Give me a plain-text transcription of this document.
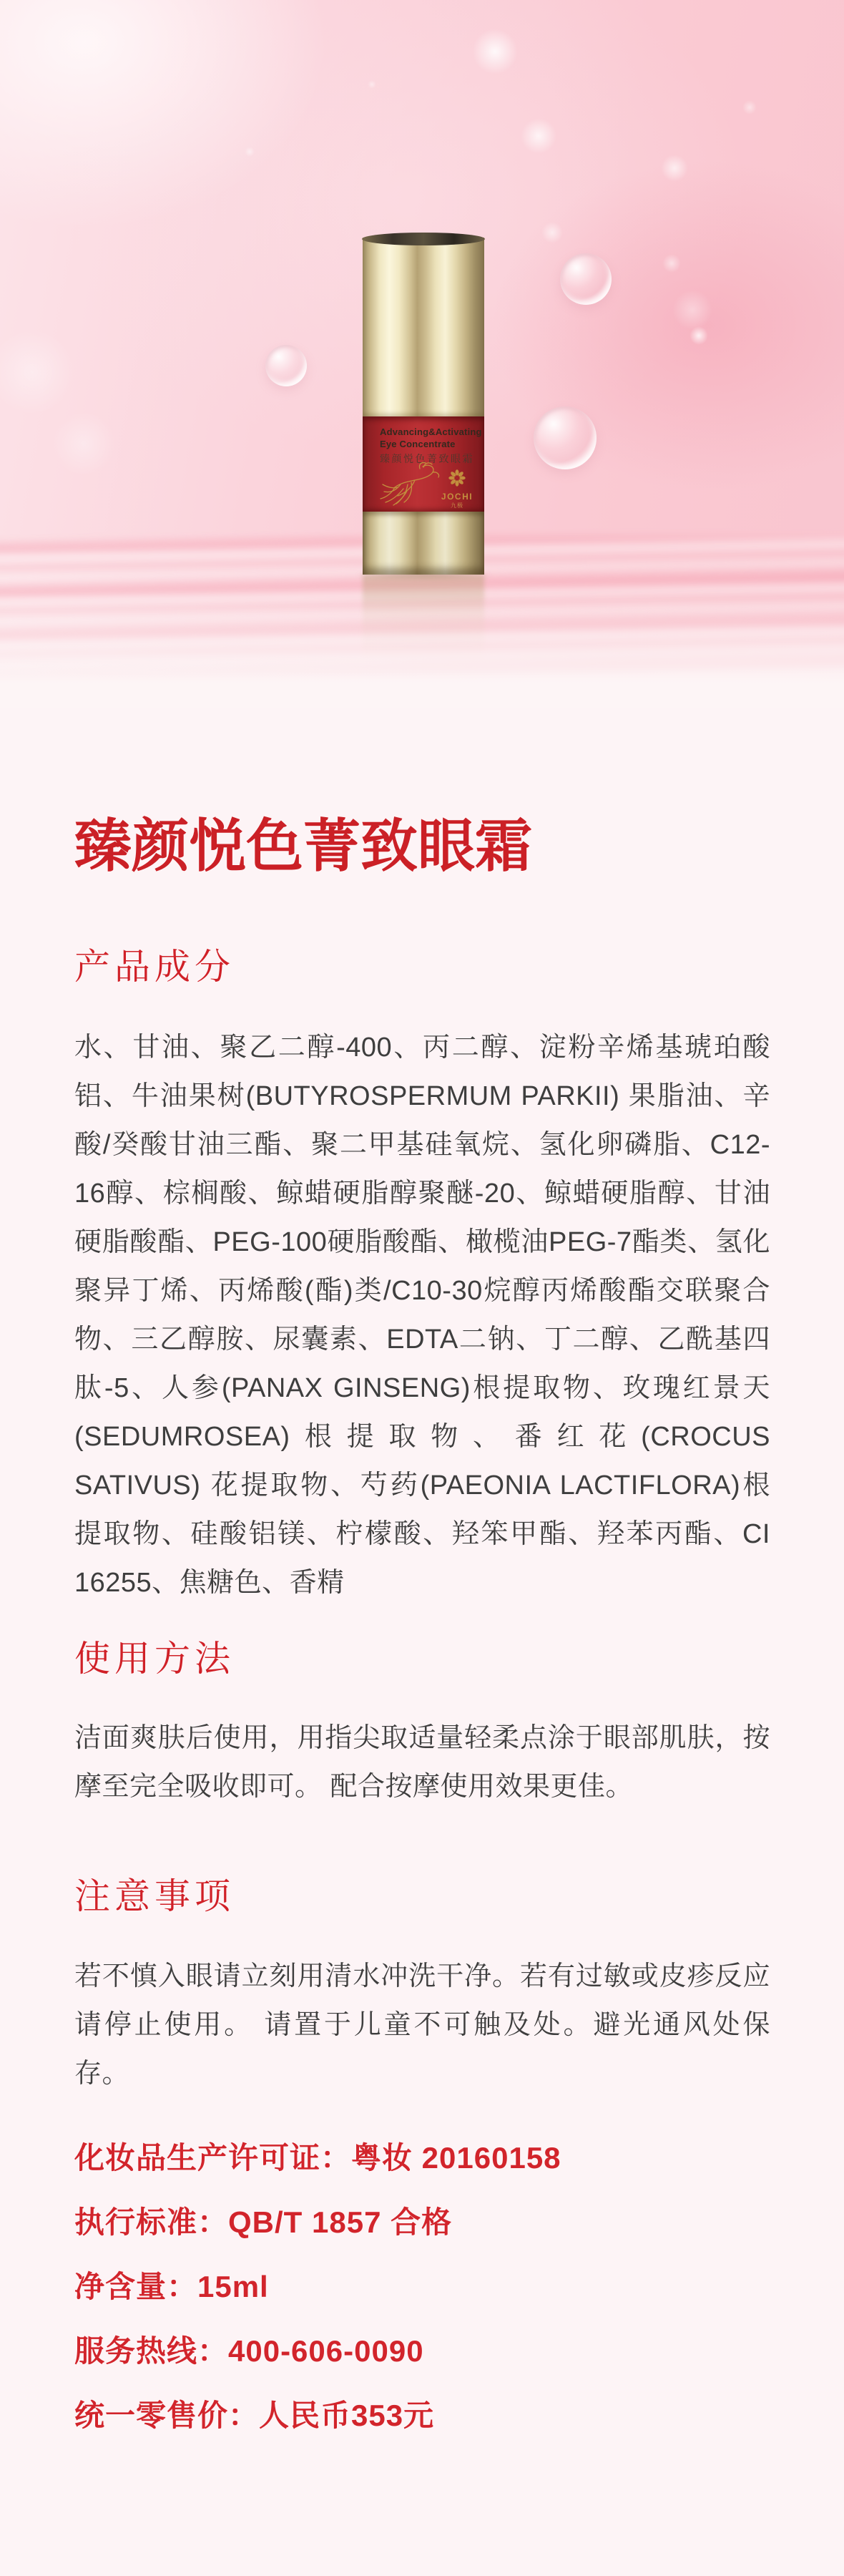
Advancing&Activating
Eye Concentrate
臻颜悦色菁致眼霜
JOCHI
九极
臻颜悦色菁致眼霜
产品成分

水、甘油、聚乙二醇-400、丙二醇、淀粉辛烯基琥珀酸铝、牛油果树(BUTYROSPERMUM PARKII) 果脂油、辛酸/癸酸甘油三酯、聚二甲基硅氧烷、氢化卵磷脂、C12-16醇、棕榈酸、鲸蜡硬脂醇聚醚-20、鲸蜡硬脂醇、甘油硬脂酸酯、PEG-100硬脂酸酯、橄榄油PEG-7酯类、氢化聚异丁烯、丙烯酸(酯)类/C10-30烷醇丙烯酸酯交联聚合物、三乙醇胺、尿囊素、EDTA二钠、丁二醇、乙酰基四肽-5、人参(PANAX GINSENG)根提取物、玫瑰红景天(SEDUMROSEA)根提取物、番红花(CROCUS SATIVUS) 花提取物、芍药(PAEONIA LACTIFLORA)根提取物、硅酸铝镁、柠檬酸、羟笨甲酯、羟苯丙酯、CI 16255、焦糖色、香精

使用方法

洁面爽肤后使用，用指尖取适量轻柔点涂于眼部肌肤，按摩至完全吸收即可。 配合按摩使用效果更佳。

注意事项

若不慎入眼请立刻用清水冲洗干净。若有过敏或皮疹反应请停止使用。 请置于儿童不可触及处。避光通风处保存。

化妆品生产许可证：粤妆 20160158
执行标准：QB/T 1857 合格
净含量：15ml
服务热线：400-606-0090
统一零售价：人民币353元
